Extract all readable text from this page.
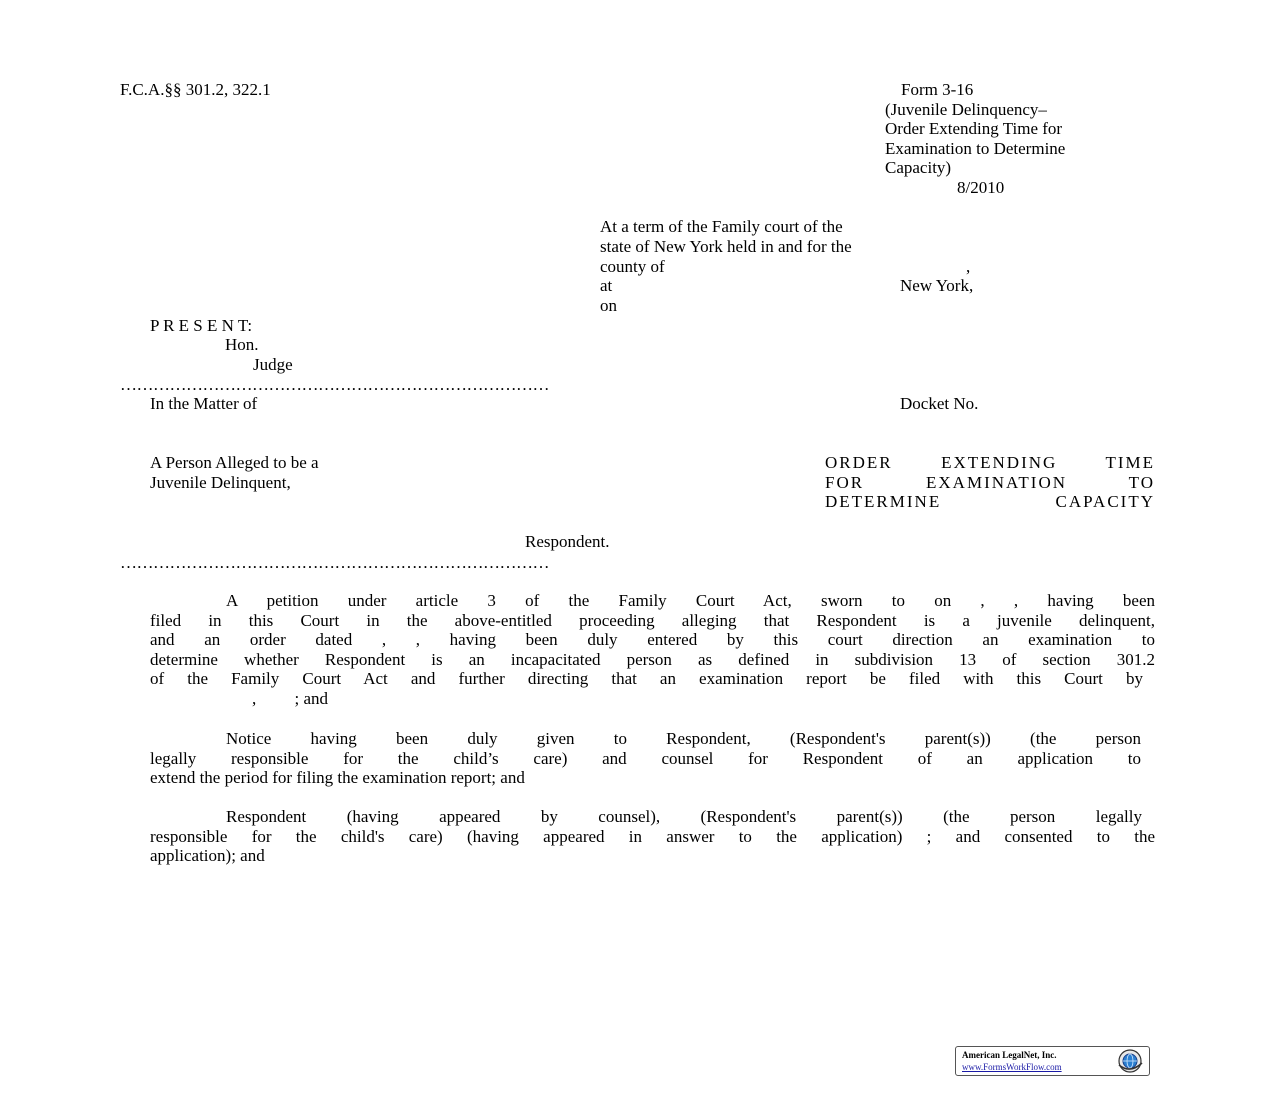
F.C.A.§§ 301.2, 322.1	Form 3-16
(Juvenile Delinquency–
Order Extending Time for
Examination to Determine
Capacity)
8/2010
At a term of the Family court of the
state of New York held in and for the
county of	,
at	New York,
on
P R E S E N T:
Hon.
Judge
……………………………………………………………………
In the Matter of	Docket No.
A Person Alleged to be a
Juvenile Delinquent,
ORDER EXTENDING TIME
FOR EXAMINATION TO
DETERMINE CAPACITY
Respondent.
……………………………………………………………………
A petition under article 3 of the Family Court Act, sworn to on , , having been
filed in this Court in the above-entitled proceeding alleging that Respondent is a juvenile delinquent,
and an order dated , , having been duly entered by this court direction an examination to
determine whether Respondent is an incapacitated person as defined in subdivision 13 of section 301.2
of the Family Court Act and further directing that an examination report be filed with this Court by
,         ; and
Notice having been duly given to Respondent, (Respondent's parent(s)) (the person
legally responsible for the child’s care) and counsel for Respondent of an application to
extend the period for filing the examination report; and
Respondent (having appeared by counsel), (Respondent's parent(s)) (the person legally
responsible for the child's care) (having appeared in answer to the application) ; and consented to the
application); and
American LegalNet, Inc.
www.FormsWorkFlow.com
